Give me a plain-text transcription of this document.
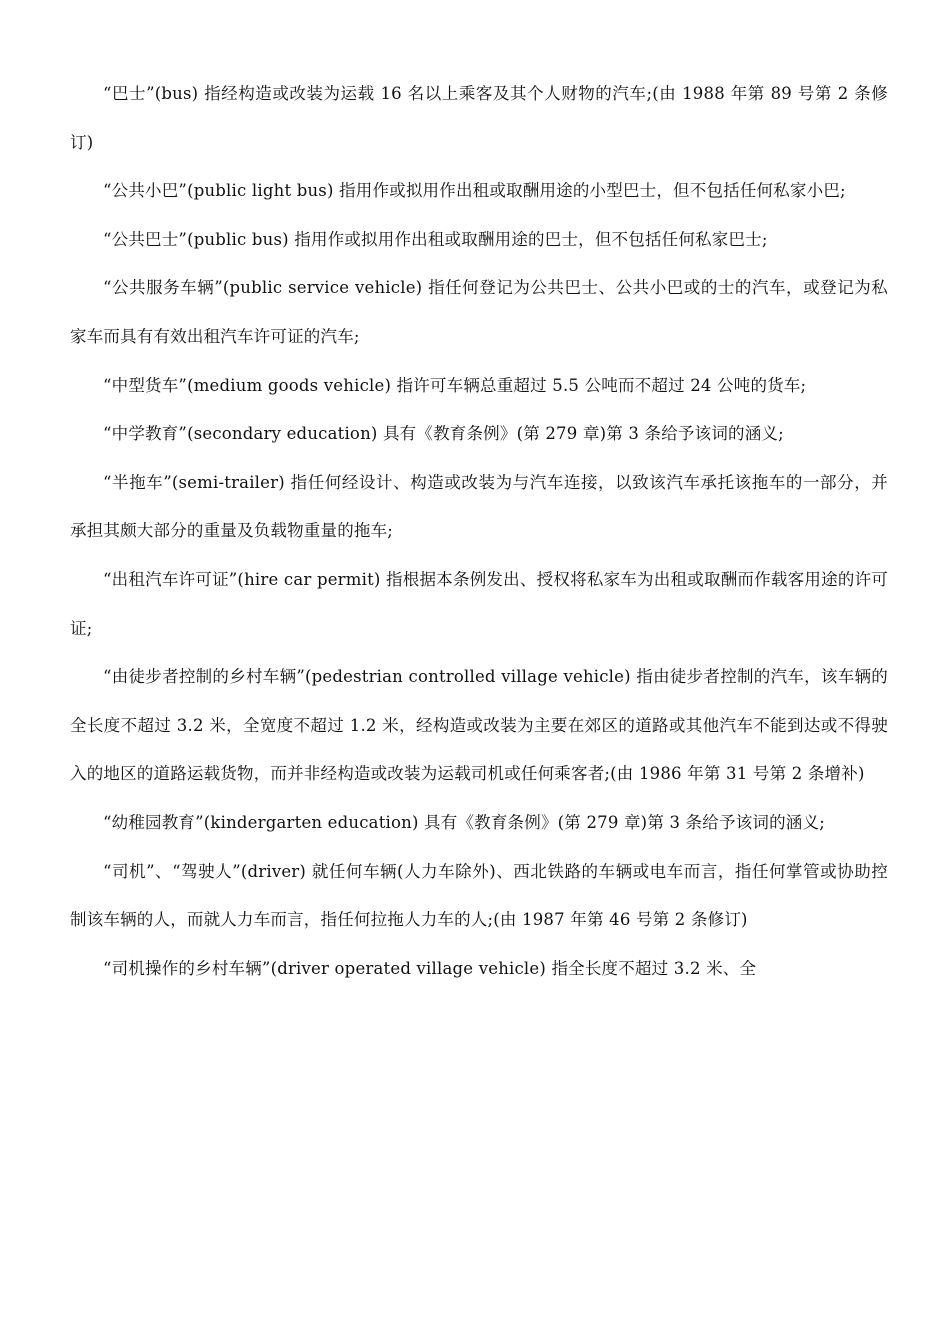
“巴士”(bus) 指经构造或改装为运载 16 名以上乘客及其个人财物的汽车;(由 1988 年第 89 号第 2 条修订)

“公共小巴”(public light bus) 指用作或拟用作出租或取酬用途的小型巴士，但不包括任何私家小巴;

“公共巴士”(public bus) 指用作或拟用作出租或取酬用途的巴士，但不包括任何私家巴士;

“公共服务车辆”(public service vehicle) 指任何登记为公共巴士、公共小巴或的士的汽车，或登记为私家车而具有有效出租汽车许可证的汽车;

“中型货车”(medium goods vehicle) 指许可车辆总重超过 5.5 公吨而不超过 24 公吨的货车;

“中学教育”(secondary education) 具有《教育条例》(第 279 章)第 3 条给予该词的涵义;

“半拖车”(semi-trailer) 指任何经设计、构造或改装为与汽车连接，以致该汽车承托该拖车的一部分，并承担其颇大部分的重量及负载物重量的拖车;

“出租汽车许可证”(hire car permit) 指根据本条例发出、授权将私家车为出租或取酬而作载客用途的许可证;

“由徒步者控制的乡村车辆”(pedestrian controlled village vehicle) 指由徒步者控制的汽车，该车辆的全长度不超过 3.2 米，全宽度不超过 1.2 米，经构造或改装为主要在郊区的道路或其他汽车不能到达或不得驶入的地区的道路运载货物，而并非经构造或改装为运载司机或任何乘客者;(由 1986 年第 31 号第 2 条增补)

“幼稚园教育”(kindergarten education) 具有《教育条例》(第 279 章)第 3 条给予该词的涵义;

“司机”、“驾驶人”(driver) 就任何车辆(人力车除外)、西北铁路的车辆或电车而言，指任何掌管或协助控制该车辆的人，而就人力车而言，指任何拉拖人力车的人;(由 1987 年第 46 号第 2 条修订)

“司机操作的乡村车辆”(driver operated village vehicle) 指全长度不超过 3.2 米、全
